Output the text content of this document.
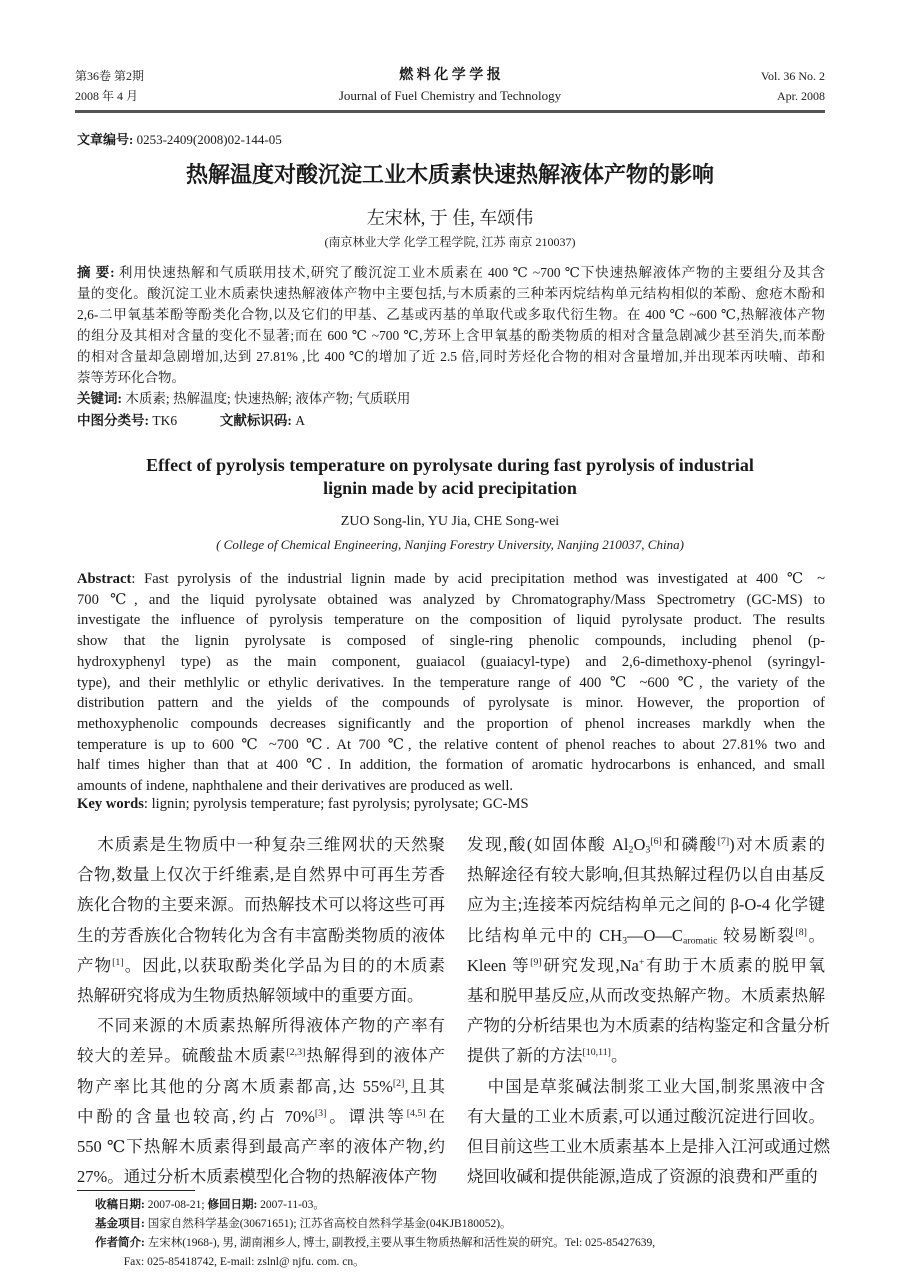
第36卷 第2期
2008 年 4 月
燃 料 化 学 学 报
Journal of Fuel Chemistry and Technology
Vol. 36 No. 2
Apr. 2008
文章编号: 0253-2409(2008)02-144-05
热解温度对酸沉淀工业木质素快速热解液体产物的影响
左宋林, 于 佳, 车颂伟
(南京林业大学 化学工程学院, 江苏 南京 210037)
摘 要: 利用快速热解和气质联用技术,研究了酸沉淀工业木质素在 400 ℃ ~700 ℃下快速热解液体产物的主要组分及其含
量的变化。酸沉淀工业木质素快速热解液体产物中主要包括,与木质素的三种苯丙烷结构单元结构相似的苯酚、愈疮木酚和
2,6-二甲氧基苯酚等酚类化合物,以及它们的甲基、乙基或丙基的单取代或多取代衍生物。在 400 ℃ ~600 ℃,热解液体产物
的组分及其相对含量的变化不显著;而在 600 ℃ ~700 ℃,芳环上含甲氧基的酚类物质的相对含量急剧减少甚至消失,而苯酚
的相对含量却急剧增加,达到 27.81% ,比 400 ℃的增加了近 2.5 倍,同时芳烃化合物的相对含量增加,并出现苯丙呋喃、茚和
萘等芳环化合物。
关键词: 木质素; 热解温度; 快速热解; 液体产物; 气质联用
中图分类号: TK6	文献标识码: A
Effect of pyrolysis temperature on pyrolysate during fast pyrolysis of industrial
lignin made by acid precipitation
ZUO Song-lin, YU Jia, CHE Song-wei
( College of Chemical Engineering, Nanjing Forestry University, Nanjing 210037, China)
Abstract: Fast pyrolysis of the industrial lignin made by acid precipitation method was investigated at 400 ℃ ~
700 ℃, and the liquid pyrolysate obtained was analyzed by Chromatography/Mass Spectrometry (GC-MS) to
investigate the influence of pyrolysis temperature on the composition of liquid pyrolysate product. The results
show that the lignin pyrolysate is composed of single-ring phenolic compounds, including phenol (p-
hydroxyphenyl type) as the main component, guaiacol (guaiacyl-type) and 2,6-dimethoxy-phenol (syringyl-
type), and their methlylic or ethylic derivatives. In the temperature range of 400 ℃ ~600 ℃, the variety of the
distribution pattern and the yields of the compounds of pyrolysate is minor. However, the proportion of
methoxyphenolic compounds decreases significantly and the proportion of phenol increases markdly when the
temperature is up to 600 ℃ ~700 ℃. At 700 ℃, the relative content of phenol reaches to about 27.81% two and
half times higher than that at 400 ℃. In addition, the formation of aromatic hydrocarbons is enhanced, and small
amounts of indene, naphthalene and their derivatives are produced as well.
Key words: lignin; pyrolysis temperature; fast pyrolysis; pyrolysate; GC-MS
木质素是生物质中一种复杂三维网状的天然聚
合物,数量上仅次于纤维素,是自然界中可再生芳香
族化合物的主要来源。而热解技术可以将这些可再
生的芳香族化合物转化为含有丰富酚类物质的液体
产物[1]。因此,以获取酚类化学品为目的的木质素
热解研究将成为生物质热解领域中的重要方面。
不同来源的木质素热解所得液体产物的产率有
较大的差异。硫酸盐木质素[2,3]热解得到的液体产
物产率比其他的分离木质素都高,达 55%[2],且其
中酚的含量也较高,约占 70%[3]。谭洪等[4,5]在
550 ℃下热解木质素得到最高产率的液体产物,约
27%。通过分析木质素模型化合物的热解液体产物
发现,酸(如固体酸 $Al_2O_3[6]$和磷酸[7])对木质素的
热解途径有较大影响,但其热解过程仍以自由基反
应为主;连接苯丙烷结构单元之间的 β-O-4 化学键
比结构单元中的 $CH_3—O—C_{aromatic}$ 较易断裂[8]。
Kleen 等[9]研究发现,Na+有助于木质素的脱甲氧
基和脱甲基反应,从而改变热解产物。木质素热解
产物的分析结果也为木质素的结构鉴定和含量分析
提供了新的方法[10,11]。
中国是草浆碱法制浆工业大国,制浆黑液中含
有大量的工业木质素,可以通过酸沉淀进行回收。
但目前这些工业木质素基本上是排入江河或通过燃
烧回收碱和提供能源,造成了资源的浪费和严重的
收稿日期: 2007-08-21; 修回日期: 2007-11-03。
基金项目: 国家自然科学基金(30671651); 江苏省高校自然科学基金(04KJB180052)。
作者简介: 左宋林(1968-), 男, 湖南湘乡人, 博士, 副教授,主要从事生物质热解和活性炭的研究。Tel: 025-85427639,
Fax: 025-85418742, E-mail: zslnl@ njfu. com. cn。
